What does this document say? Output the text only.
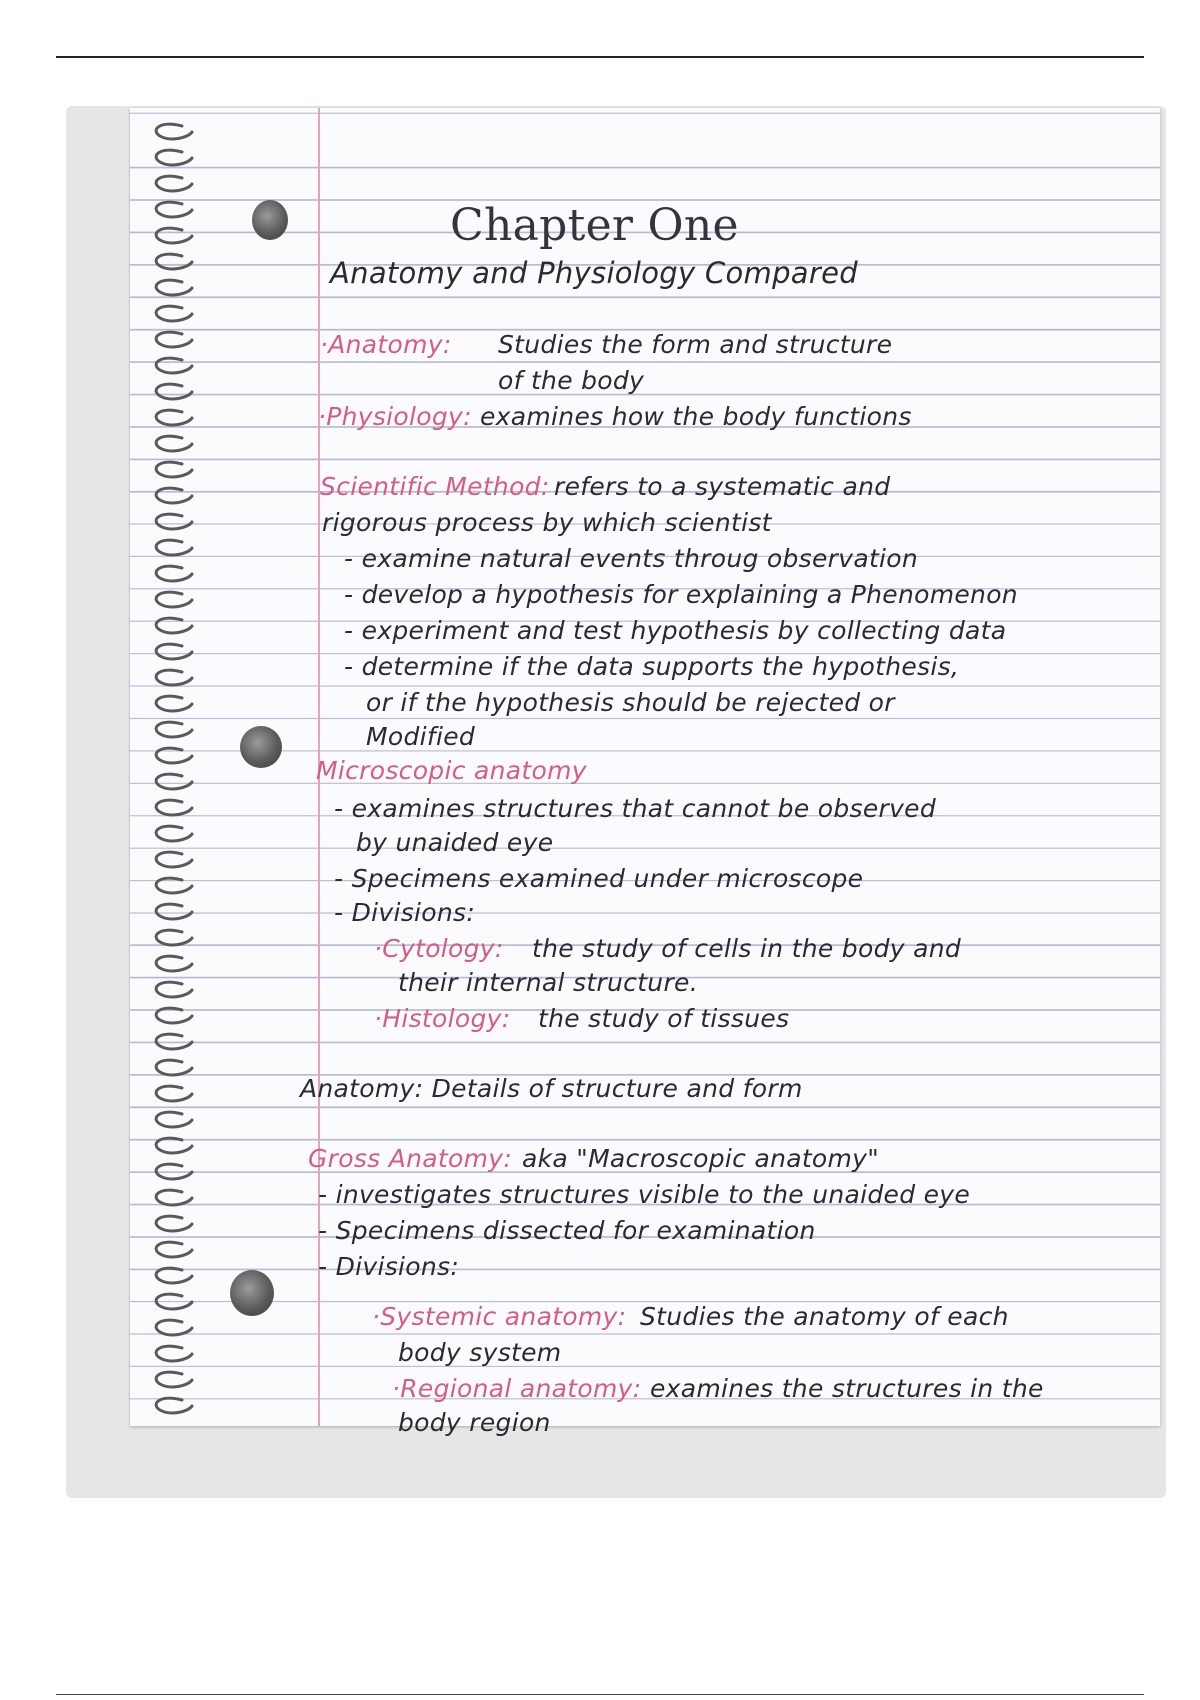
Chapter One

Anatomy and Physiology Compared

·Anatomy: Studies the form and structure

of the body

·Physiology: examines how the body functions

Scientific Method: refers to a systematic and

rigorous process by which scientist

- examine natural events throug observation

- develop a hypothesis for explaining a Phenomenon

- experiment and test hypothesis by collecting data

- determine if the data supports the hypothesis,

or if the hypothesis should be rejected or

Modified

Microscopic anatomy

- examines structures that cannot be observed

by unaided eye

- Specimens examined under microscope

- Divisions:

·Cytology: the study of cells in the body and

their internal structure.

·Histology: the study of tissues

Anatomy: Details of structure and form

Gross Anatomy: aka "Macroscopic anatomy"

- investigates structures visible to the unaided eye

- Specimens dissected for examination

- Divisions:

·Systemic anatomy: Studies the anatomy of each

body system

·Regional anatomy: examines the structures in the

body region
